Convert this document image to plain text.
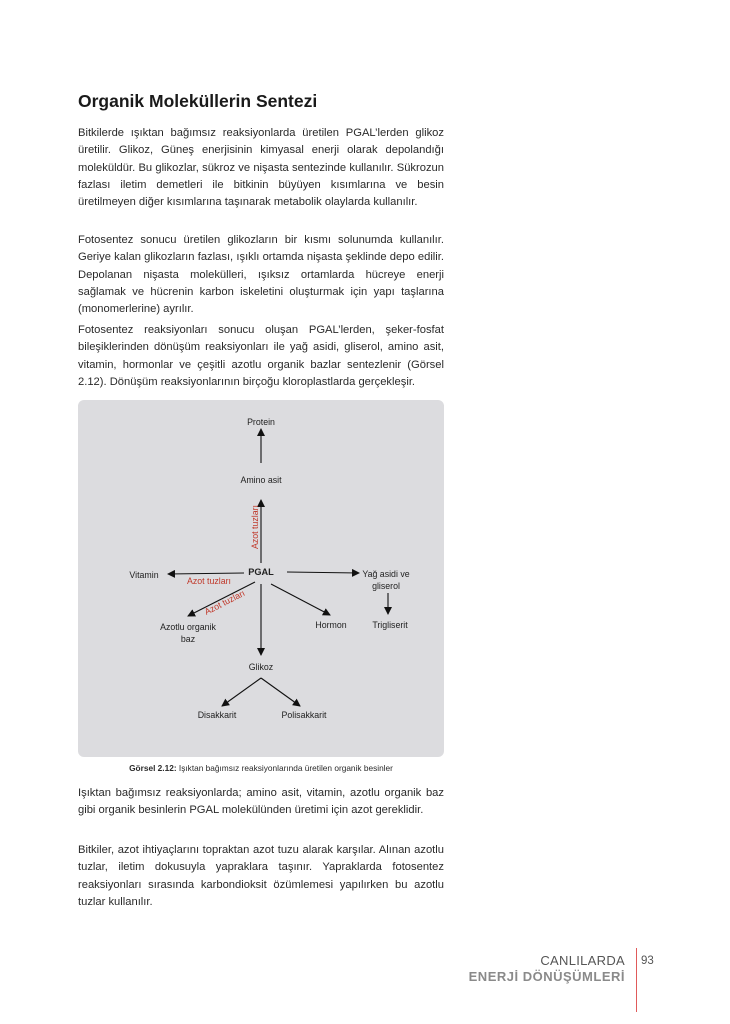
Organik Moleküllerin Sentezi

Bitkilerde ışıktan bağımsız reaksiyonlarda üretilen PGAL’lerden glikoz üretilir. Glikoz, Güneş enerjisinin kimyasal enerji olarak depolandığı moleküldür. Bu glikozlar, sükroz ve nişasta sentezinde kullanılır. Sükrozun fazlası iletim demetleri ile bitkinin büyüyen kısımlarına ve besin üretilmeyen diğer kısımlarına taşınarak metabolik olaylarda kullanılır.

Fotosentez sonucu üretilen glikozların bir kısmı solunumda kullanılır. Geriye kalan glikozların fazlası, ışıklı ortamda nişasta şeklinde depo edilir. Depolanan nişasta molekülleri, ışıksız ortamlarda hücreye enerji sağlamak ve hücrenin karbon iskeletini oluşturmak için yapı taşlarına (monomerlerine) ayrılır.

Fotosentez reaksiyonları sonucu oluşan PGAL’lerden, şeker-fosfat bileşiklerinden dönüşüm reaksiyonları ile yağ asidi, gliserol, amino asit, vitamin, hormonlar ve çeşitli azotlu organik bazlar sentezlenir (Görsel 2.12). Dönüşüm reaksiyonlarının birçoğu kloroplastlarda gerçekleşir.

Protein
Amino asit
PGAL
Vitamin	Yağ asidi ve
gliserol
Trigliserit
Azotlu organik
baz
Hormon
Glikoz
Disakkarit	Polisakkarit
Azot tuzları
Azot tuzları
Azot tuzları
Görsel 2.12: Işıktan bağımsız reaksiyonlarında üretilen organik besinler

Işıktan bağımsız reaksiyonlarda; amino asit, vitamin, azotlu organik baz gibi organik besinlerin PGAL molekülünden üretimi için azot gereklidir.

Bitkiler, azot ihtiyaçlarını topraktan azot tuzu alarak karşılar. Alınan azotlu tuzlar, iletim dokusuyla yapraklara taşınır. Yapraklarda fotosentez reaksiyonları sırasında karbondioksit özümlemesi yapılırken bu azotlu tuzlar kullanılır.

CANLILARDA
ENERJİ DÖNÜŞÜMLERİ
93
